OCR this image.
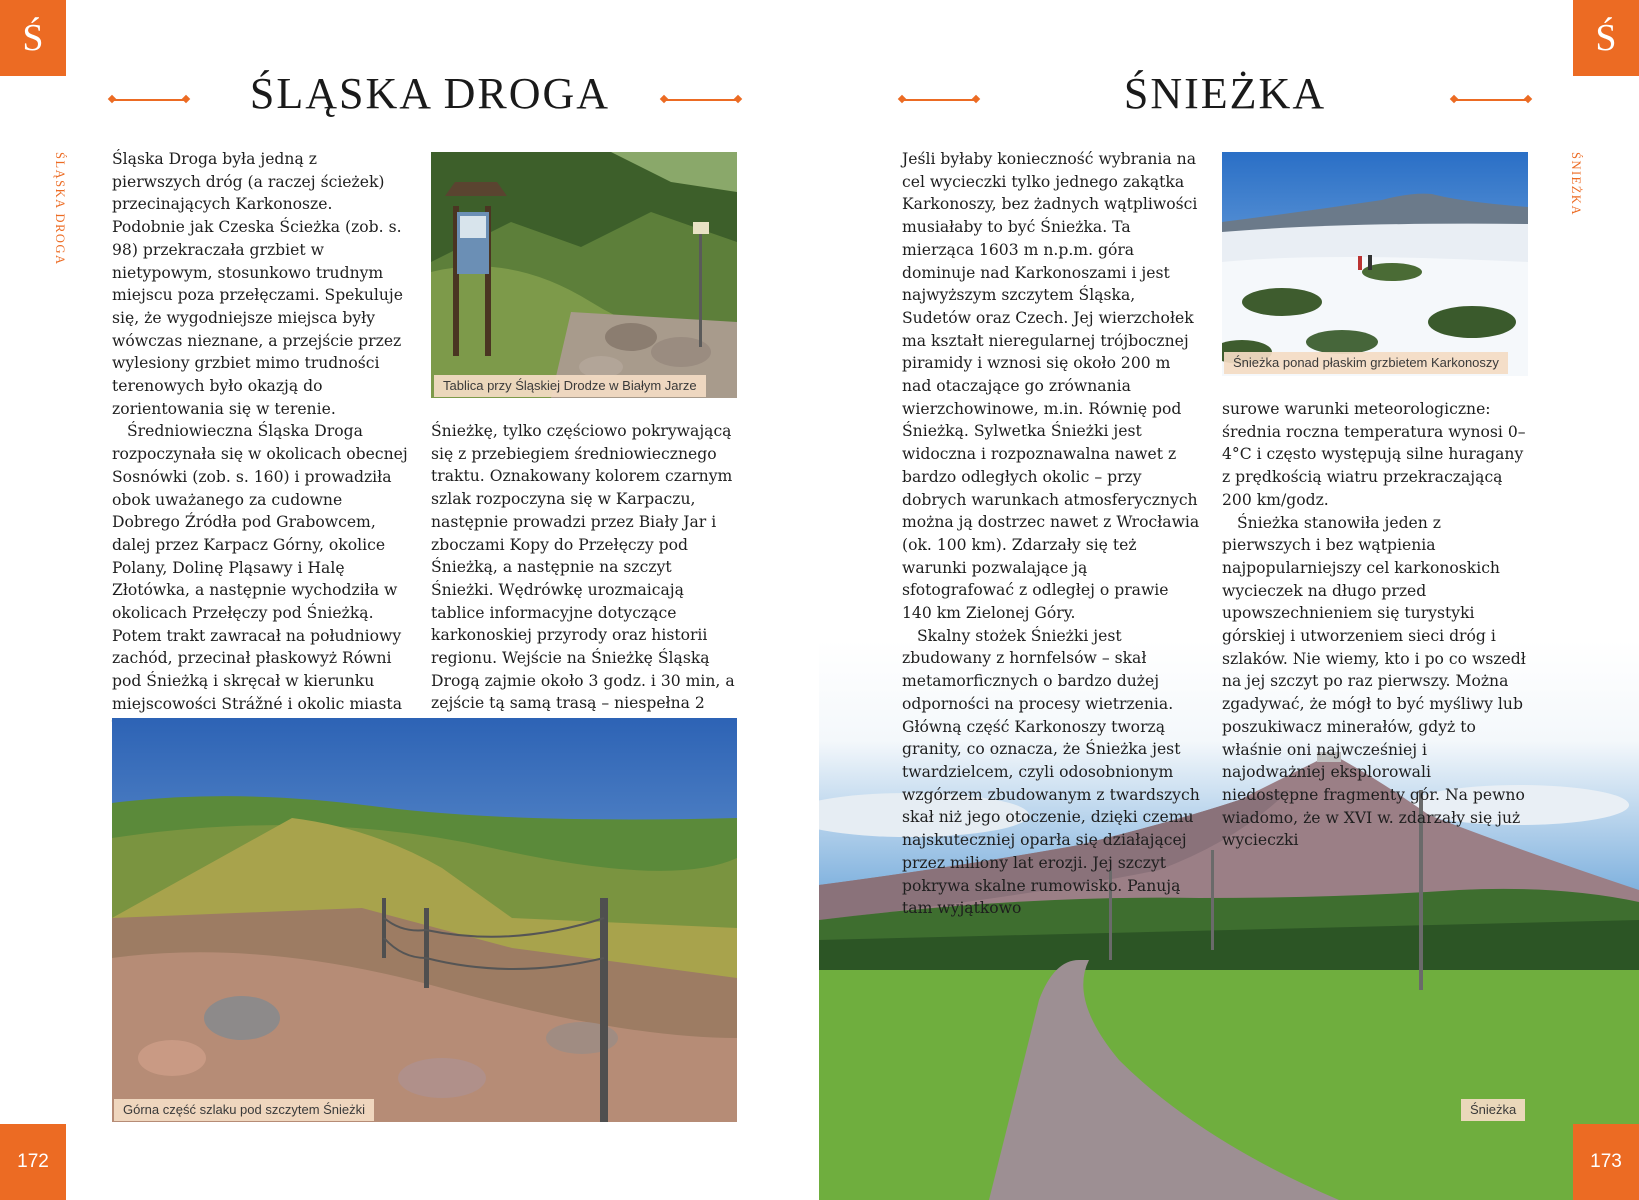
Ś
ŚLĄSKA DROGA
ŚLĄSKA DROGA

Śląska Droga była jedną z pierwszych dróg (a raczej ścieżek) przecinających Karkonosze. Podobnie jak Czeska Ścieżka (zob. s. 98) przekraczała grzbiet w nietypowym, stosunkowo trudnym miejscu poza przełęczami. Spekuluje się, że wygodniejsze miejsca były wówczas nieznane, a przejście przez wylesiony grzbiet mimo trudności terenowych było okazją do zorientowania się w terenie.

Średniowieczna Śląska Droga rozpoczynała się w okolicach obecnej Sosnówki (zob. s. 160) i prowadziła obok uważanego za cudowne Dobrego Źródła pod Grabowcem, dalej przez Karpacz Górny, okolice Polany, Dolinę Pląsawy i Halę Złotówka, a następnie wychodziła w okolicach Przełęczy pod Śnieżką. Potem trakt zawracał na południowy zachód, przecinał płaskowyż Równi pod Śnieżką i skręcał w kierunku miejscowości Strážné i okolic miasta

Tablica przy Śląskiej Drodze w Białym Jarze

Śnieżkę, tylko częściowo pokrywającą się z przebiegiem średniowiecznego traktu. Oznakowany kolorem czarnym szlak rozpoczyna się w Karpaczu, następnie prowadzi przez Biały Jar i zboczami Kopy do Przełęczy pod Śnieżką, a następnie na szczyt Śnieżki. Wędrówkę urozmaicają tablice informacyjne dotyczące karkonoskiej przyrody oraz historii regionu. Wejście na Śnieżkę Śląską Drogą zajmie około 3 godz. i 30 min, a zejście tą samą trasą – niespełna 2

Górna część szlaku pod szczytem Śnieżki
172
Ś
ŚNIEŻKA
ŚNIEŻKA

Jeśli byłaby konieczność wybrania na cel wycieczki tylko jednego zakątka Karkonoszy, bez żadnych wątpliwości musiałaby to być Śnieżka. Ta mierząca 1603 m n.p.m. góra dominuje nad Karkonoszami i jest najwyższym szczytem Śląska, Sudetów oraz Czech. Jej wierzchołek ma kształt nieregularnej trójbocznej piramidy i wznosi się około 200 m nad otaczające go zrównania wierzchowinowe, m.in. Równię pod Śnieżką. Sylwetka Śnieżki jest widoczna i rozpoznawalna nawet z bardzo odległych okolic – przy dobrych warunkach atmosferycznych można ją dostrzec nawet z Wrocławia (ok. 100 km). Zdarzały się też warunki pozwalające ją sfotografować z odległej o prawie 140 km Zielonej Góry.

Skalny stożek Śnieżki jest zbudowany z hornfelsów – skał metamorficznych o bardzo dużej odporności na procesy wietrzenia. Główną część Karkonoszy tworzą granity, co oznacza, że Śnieżka jest twardzielcem, czyli odosobnionym wzgórzem zbudowanym z twardszych skał niż jego otoczenie, dzięki czemu najskuteczniej oparła się działającej przez miliony lat erozji. Jej szczyt pokrywa skalne rumowisko. Panują tam wyjątkowo

Śnieżka ponad płaskim grzbietem Karkonoszy

surowe warunki meteorologiczne: średnia roczna temperatura wynosi 0–4°C i często występują silne huragany z prędkością wiatru przekraczającą 200 km/godz.

Śnieżka stanowiła jeden z pierwszych i bez wątpienia najpopularniejszy cel karkonoskich wycieczek na długo przed upowszechnieniem się turystyki górskiej i utworzeniem sieci dróg i szlaków. Nie wiemy, kto i po co wszedł na jej szczyt po raz pierwszy. Można zgadywać, że mógł to być myśliwy lub poszukiwacz minerałów, gdyż to właśnie oni najwcześniej i najodważniej eksplorowali niedostępne fragmenty gór. Na pewno wiadomo, że w XVI w. zdarzały się już wycieczki

Śnieżka
173
